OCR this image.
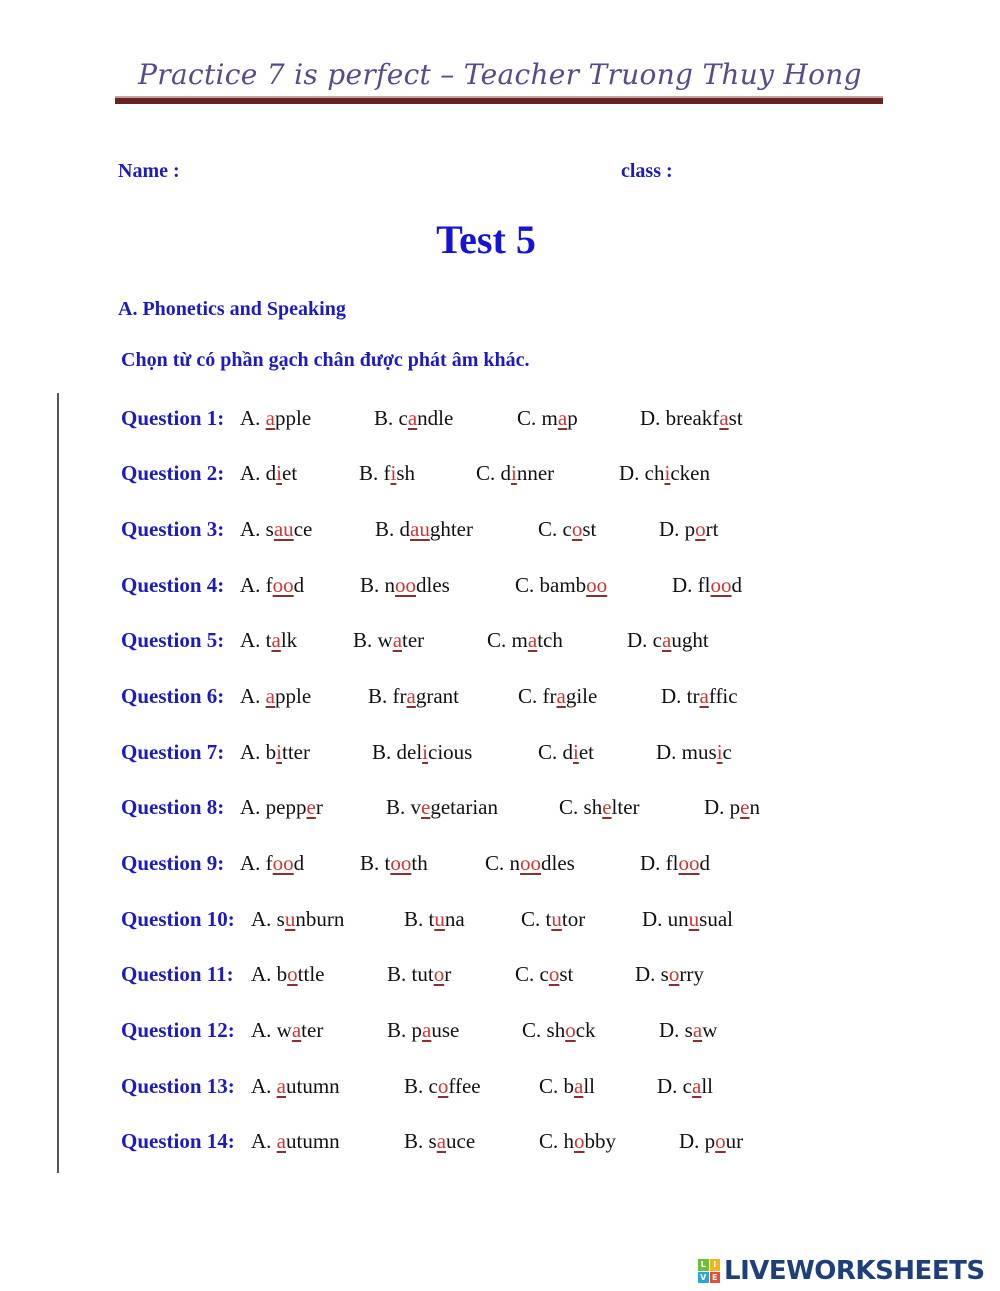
Practice 7 is perfect – Teacher Truong Thuy Hong
Name :	class :
Test 5
A. Phonetics and Speaking
Chọn từ có phần gạch chân được phát âm khác.
Question 1: A. apple	B. candle	C. map	D. breakfast
Question 2: A. diet	B. fish	C. dinner	D. chicken
Question 3: A. sauce	B. daughter	C. cost	D. port
Question 4: A. food	B. noodles	C. bamboo	D. flood
Question 5: A. talk	B. water	C. match	D. caught
Question 6: A. apple	B. fragrant	C. fragile	D. traffic
Question 7: A. bitter	B. delicious	C. diet	D. music
Question 8: A. pepper	B. vegetarian	C. shelter	D. pen
Question 9: A. food	B. tooth	C. noodles	D. flood
Question 10: A. sunburn	B. tuna	C. tutor	D. unusual
Question 11: A. bottle	B. tutor	C. cost	D. sorry
Question 12: A. water	B. pause	C. shock	D. saw
Question 13: A. autumn	B. coffee	C. ball	D. call
Question 14: A. autumn	B. sauce	C. hobby	D. pour
L I
V E LIVEWORKSHEETS
